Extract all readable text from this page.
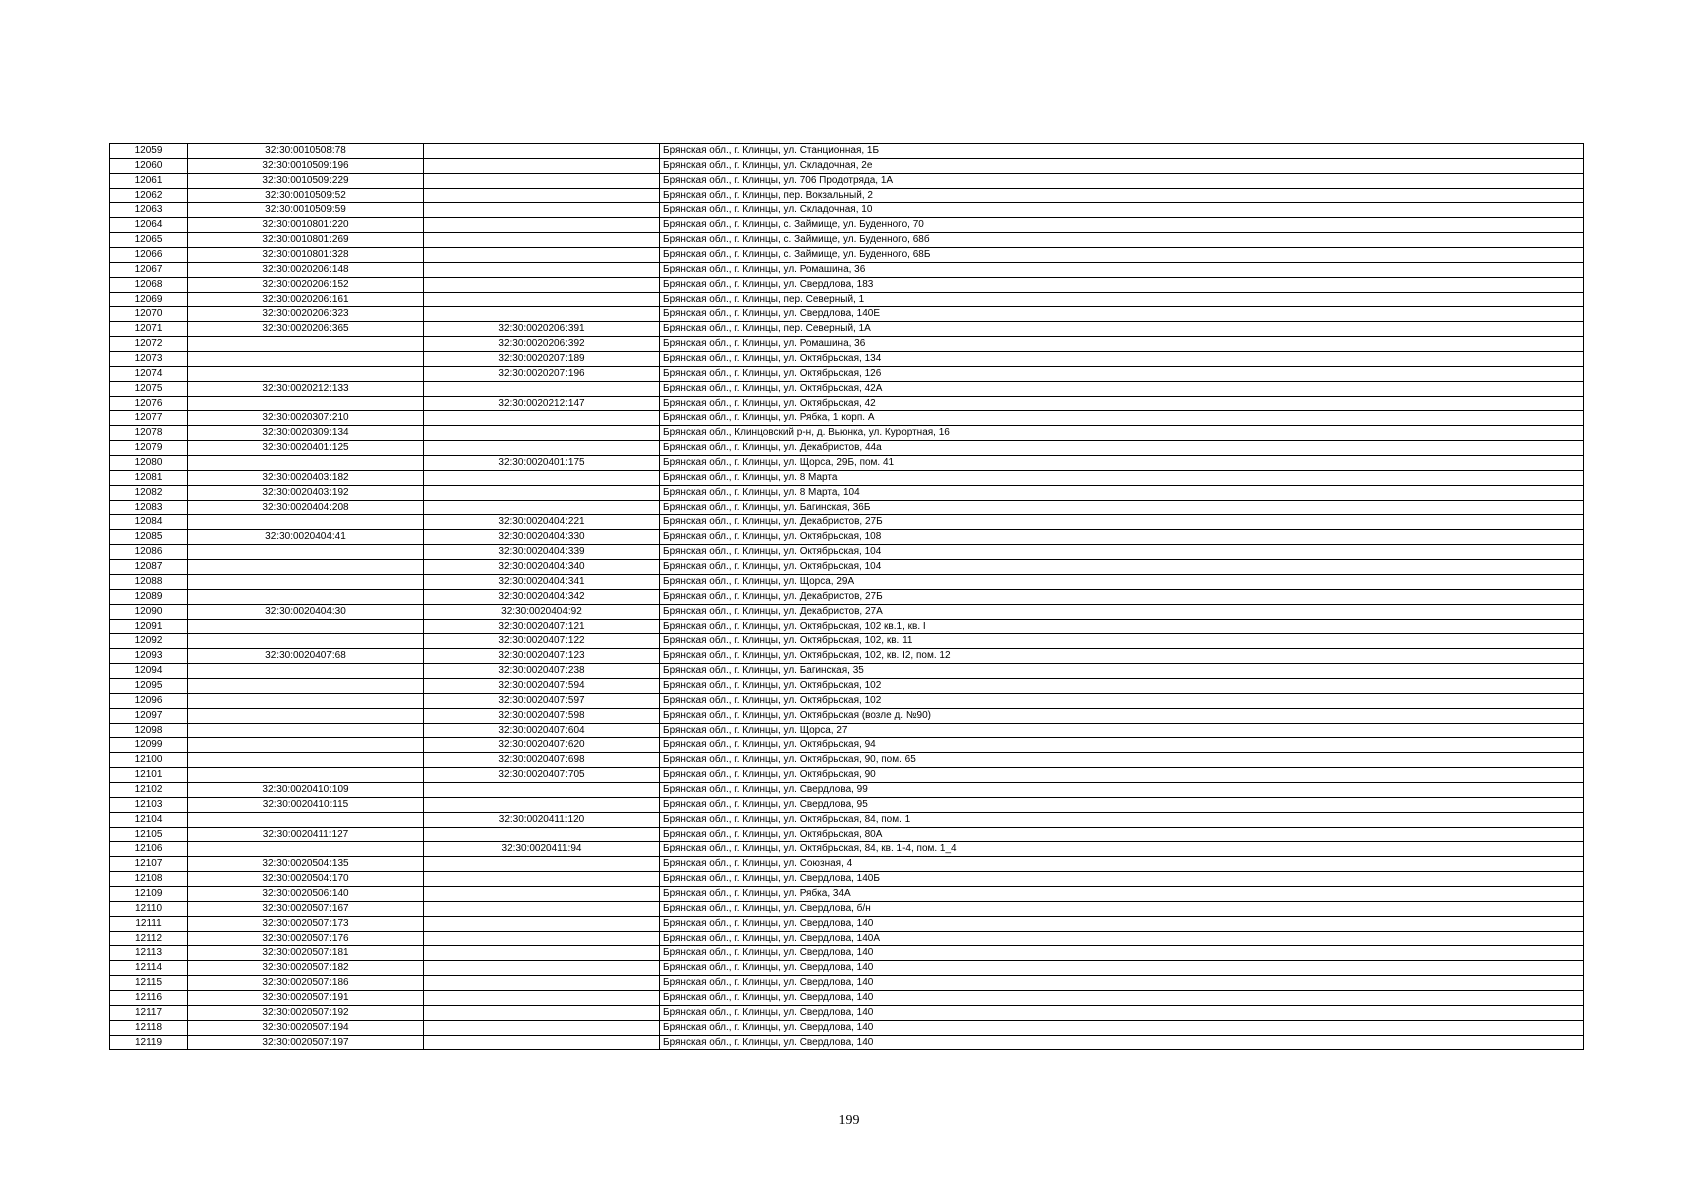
12059	32:30:0010508:78		Брянская обл., г. Клинцы, ул. Станционная, 1Б
12060	32:30:0010509:196		Брянская обл., г. Клинцы, ул. Складочная, 2е
12061	32:30:0010509:229		Брянская обл., г. Клинцы, ул. 706 Продотряда, 1А
12062	32:30:0010509:52		Брянская обл., г. Клинцы, пер. Вокзальный, 2
12063	32:30:0010509:59		Брянская обл., г. Клинцы, ул. Складочная, 10
12064	32:30:0010801:220		Брянская обл., г. Клинцы, с. Займище, ул. Буденного, 70
12065	32:30:0010801:269		Брянская обл., г. Клинцы, с. Займище, ул. Буденного, 68б
12066	32:30:0010801:328		Брянская обл., г. Клинцы, с. Займище, ул. Буденного, 68Б
12067	32:30:0020206:148		Брянская обл., г. Клинцы, ул. Ромашина, 36
12068	32:30:0020206:152		Брянская обл., г. Клинцы, ул. Свердлова, 183
12069	32:30:0020206:161		Брянская обл., г. Клинцы, пер. Северный, 1
12070	32:30:0020206:323		Брянская обл., г. Клинцы, ул. Свердлова, 140Е
12071	32:30:0020206:365	32:30:0020206:391	Брянская обл., г. Клинцы, пер. Северный, 1А
12072		32:30:0020206:392	Брянская обл., г. Клинцы, ул. Ромашина, 36
12073		32:30:0020207:189	Брянская обл., г. Клинцы, ул. Октябрьская, 134
12074		32:30:0020207:196	Брянская обл., г. Клинцы, ул. Октябрьская, 126
12075	32:30:0020212:133		Брянская обл., г. Клинцы, ул. Октябрьская, 42А
12076		32:30:0020212:147	Брянская обл., г. Клинцы, ул. Октябрьская, 42
12077	32:30:0020307:210		Брянская обл., г. Клинцы, ул. Рябка, 1 корп. А
12078	32:30:0020309:134		Брянская обл., Клинцовский р-н, д. Вьюнка, ул. Курортная, 16
12079	32:30:0020401:125		Брянская обл., г. Клинцы, ул. Декабристов, 44а
12080		32:30:0020401:175	Брянская обл., г. Клинцы, ул. Щорса, 29Б, пом. 41
12081	32:30:0020403:182		Брянская обл., г. Клинцы, ул. 8 Марта
12082	32:30:0020403:192		Брянская обл., г. Клинцы, ул. 8 Марта, 104
12083	32:30:0020404:208		Брянская обл., г. Клинцы, ул. Багинская, 36Б
12084		32:30:0020404:221	Брянская обл., г. Клинцы, ул. Декабристов, 27Б
12085	32:30:0020404:41	32:30:0020404:330	Брянская обл., г. Клинцы, ул. Октябрьская, 108
12086		32:30:0020404:339	Брянская обл., г. Клинцы, ул. Октябрьская, 104
12087		32:30:0020404:340	Брянская обл., г. Клинцы, ул. Октябрьская, 104
12088		32:30:0020404:341	Брянская обл., г. Клинцы, ул. Щорса, 29А
12089		32:30:0020404:342	Брянская обл., г. Клинцы, ул. Декабристов, 27Б
12090	32:30:0020404:30	32:30:0020404:92	Брянская обл., г. Клинцы, ул. Декабристов, 27А
12091		32:30:0020407:121	Брянская обл., г. Клинцы, ул. Октябрьская, 102 кв.1, кв. I
12092		32:30:0020407:122	Брянская обл., г. Клинцы, ул. Октябрьская, 102, кв. 11
12093	32:30:0020407:68	32:30:0020407:123	Брянская обл., г. Клинцы, ул. Октябрьская, 102, кв. I2, пом. 12
12094		32:30:0020407:238	Брянская обл., г. Клинцы, ул. Багинская, 35
12095		32:30:0020407:594	Брянская обл., г. Клинцы, ул. Октябрьская, 102
12096		32:30:0020407:597	Брянская обл., г. Клинцы, ул. Октябрьская, 102
12097		32:30:0020407:598	Брянская обл., г. Клинцы, ул. Октябрьская (возле д. №90)
12098		32:30:0020407:604	Брянская обл., г. Клинцы, ул. Щорса, 27
12099		32:30:0020407:620	Брянская обл., г. Клинцы, ул. Октябрьская, 94
12100		32:30:0020407:698	Брянская обл., г. Клинцы, ул. Октябрьская, 90, пом. 65
12101		32:30:0020407:705	Брянская обл., г. Клинцы, ул. Октябрьская, 90
12102	32:30:0020410:109		Брянская обл., г. Клинцы, ул. Свердлова, 99
12103	32:30:0020410:115		Брянская обл., г. Клинцы, ул. Свердлова, 95
12104		32:30:0020411:120	Брянская обл., г. Клинцы, ул. Октябрьская, 84, пом. 1
12105	32:30:0020411:127		Брянская обл., г. Клинцы, ул. Октябрьская, 80А
12106		32:30:0020411:94	Брянская обл., г. Клинцы, ул. Октябрьская, 84, кв. 1-4, пом. 1_4
12107	32:30:0020504:135		Брянская обл., г. Клинцы, ул. Союзная, 4
12108	32:30:0020504:170		Брянская обл., г. Клинцы, ул. Свердлова, 140Б
12109	32:30:0020506:140		Брянская обл., г. Клинцы, ул. Рябка, 34А
12110	32:30:0020507:167		Брянская обл., г. Клинцы, ул. Свердлова, б/н
12111	32:30:0020507:173		Брянская обл., г. Клинцы, ул. Свердлова, 140
12112	32:30:0020507:176		Брянская обл., г. Клинцы, ул. Свердлова, 140А
12113	32:30:0020507:181		Брянская обл., г. Клинцы, ул. Свердлова, 140
12114	32:30:0020507:182		Брянская обл., г. Клинцы, ул. Свердлова, 140
12115	32:30:0020507:186		Брянская обл., г. Клинцы, ул. Свердлова, 140
12116	32:30:0020507:191		Брянская обл., г. Клинцы, ул. Свердлова, 140
12117	32:30:0020507:192		Брянская обл., г. Клинцы, ул. Свердлова, 140
12118	32:30:0020507:194		Брянская обл., г. Клинцы, ул. Свердлова, 140
12119	32:30:0020507:197		Брянская обл., г. Клинцы, ул. Свердлова, 140
199
